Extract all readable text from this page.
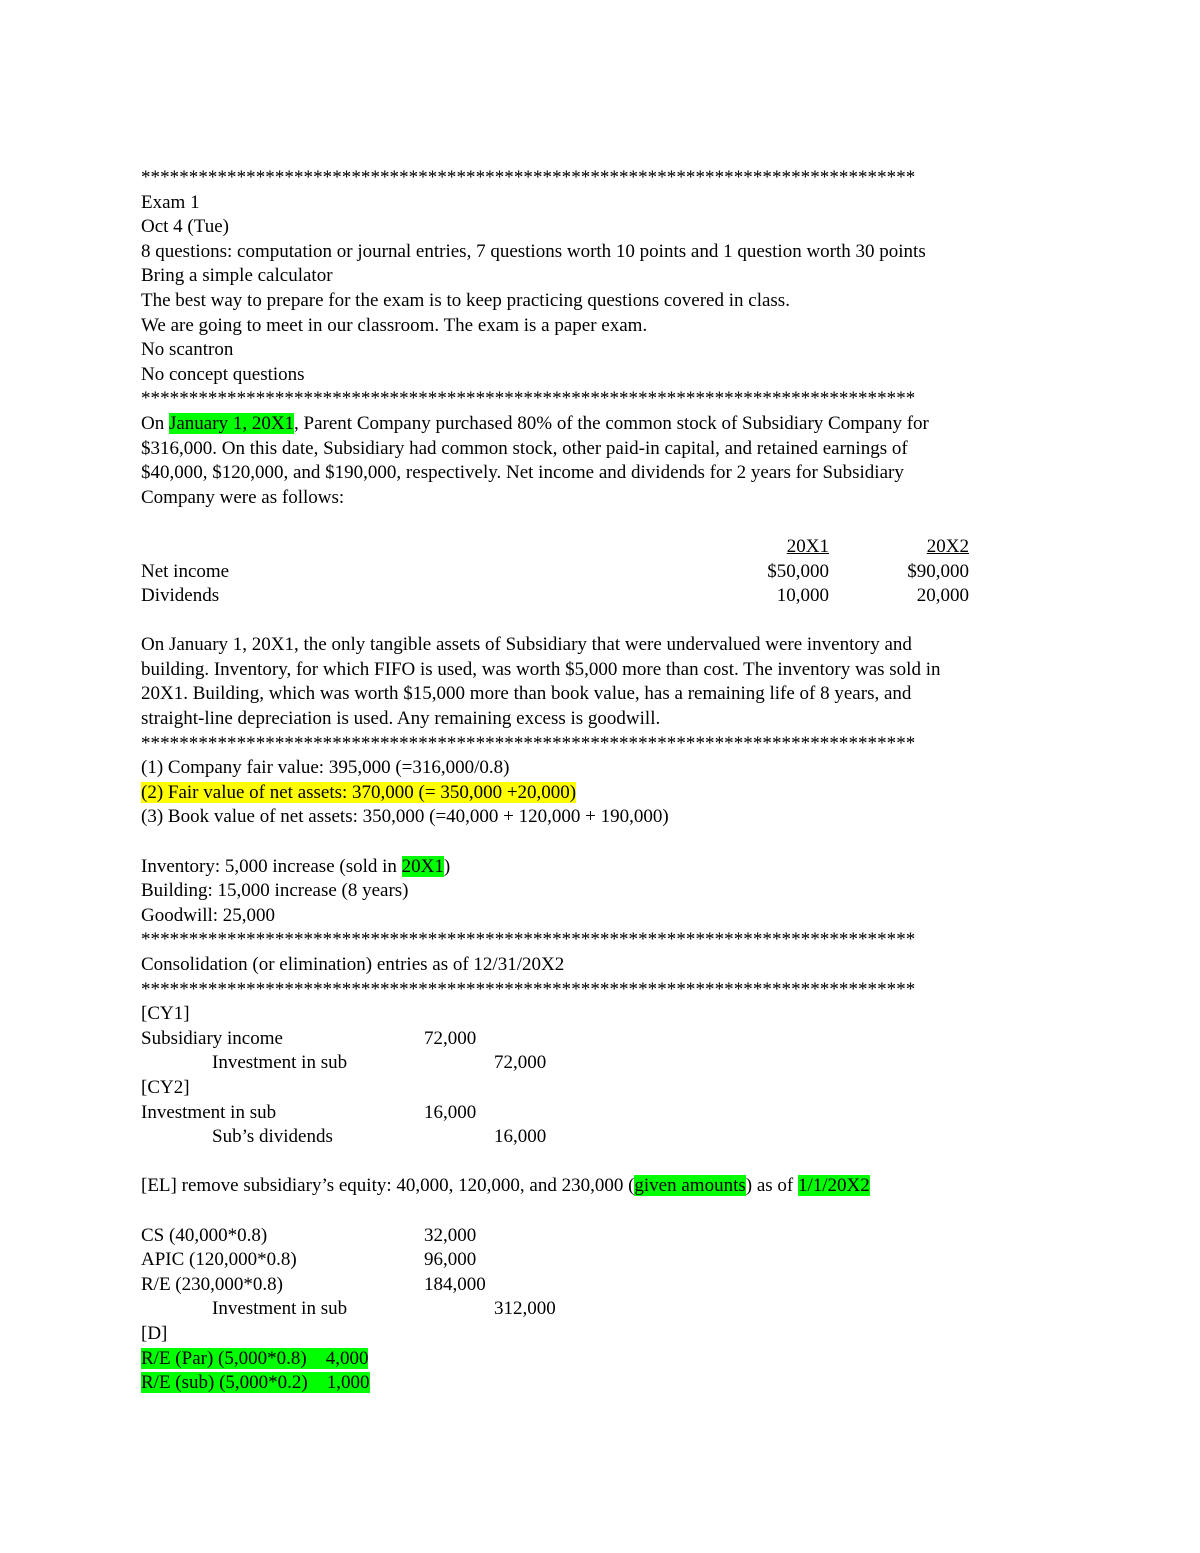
*********************************************************************************
Exam 1
Oct 4 (Tue)
8 questions: computation or journal entries, 7 questions worth 10 points and 1 question worth 30 points
Bring a simple calculator
The best way to prepare for the exam is to keep practicing questions covered in class.
We are going to meet in our classroom. The exam is a paper exam.
No scantron
No concept questions
*********************************************************************************
On January 1, 20X1, Parent Company purchased 80% of the common stock of Subsidiary Company for
$316,000. On this date, Subsidiary had common stock, other paid-in capital, and retained earnings of
$40,000, $120,000, and $190,000, respectively. Net income and dividends for 2 years for Subsidiary
Company were as follows:
20X1	20X2
Net income	$50,000	$90,000
Dividends	10,000	20,000
On January 1, 20X1, the only tangible assets of Subsidiary that were undervalued were inventory and
building. Inventory, for which FIFO is used, was worth $5,000 more than cost. The inventory was sold in
20X1. Building, which was worth $15,000 more than book value, has a remaining life of 8 years, and
straight-line depreciation is used. Any remaining excess is goodwill.
*********************************************************************************
(1) Company fair value: 395,000 (=316,000/0.8)
(2) Fair value of net assets: 370,000 (= 350,000 +20,000)
(3) Book value of net assets: 350,000 (=40,000 + 120,000 + 190,000)
Inventory: 5,000 increase (sold in 20X1)
Building: 15,000 increase (8 years)
Goodwill: 25,000
*********************************************************************************
Consolidation (or elimination) entries as of 12/31/20X2
*********************************************************************************
[CY1]
Subsidiary income	72,000
Investment in sub	72,000
[CY2]
Investment in sub	16,000
Sub’s dividends	16,000
[EL] remove subsidiary’s equity: 40,000, 120,000, and 230,000 (given amounts) as of 1/1/20X2
CS (40,000*0.8)	32,000
APIC (120,000*0.8)	96,000
R/E (230,000*0.8)	184,000
Investment in sub	312,000
[D]
R/E (Par) (5,000*0.8)    4,000
R/E (sub) (5,000*0.2)    1,000
